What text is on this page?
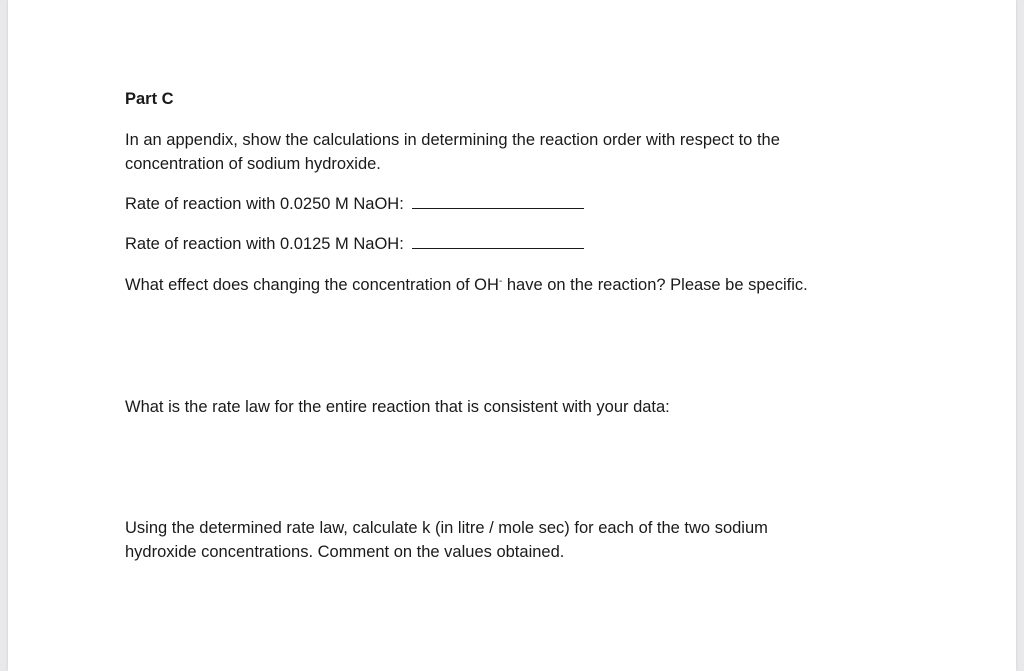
Part C

In an appendix, show the calculations in determining the reaction order with respect to the

concentration of sodium hydroxide.

Rate of reaction with 0.0250 M NaOH:

Rate of reaction with 0.0125 M NaOH:

What effect does changing the concentration of OH- have on the reaction? Please be specific.

What is the rate law for the entire reaction that is consistent with your data:

Using the determined rate law, calculate k (in litre / mole sec) for each of the two sodium

hydroxide concentrations. Comment on the values obtained.
